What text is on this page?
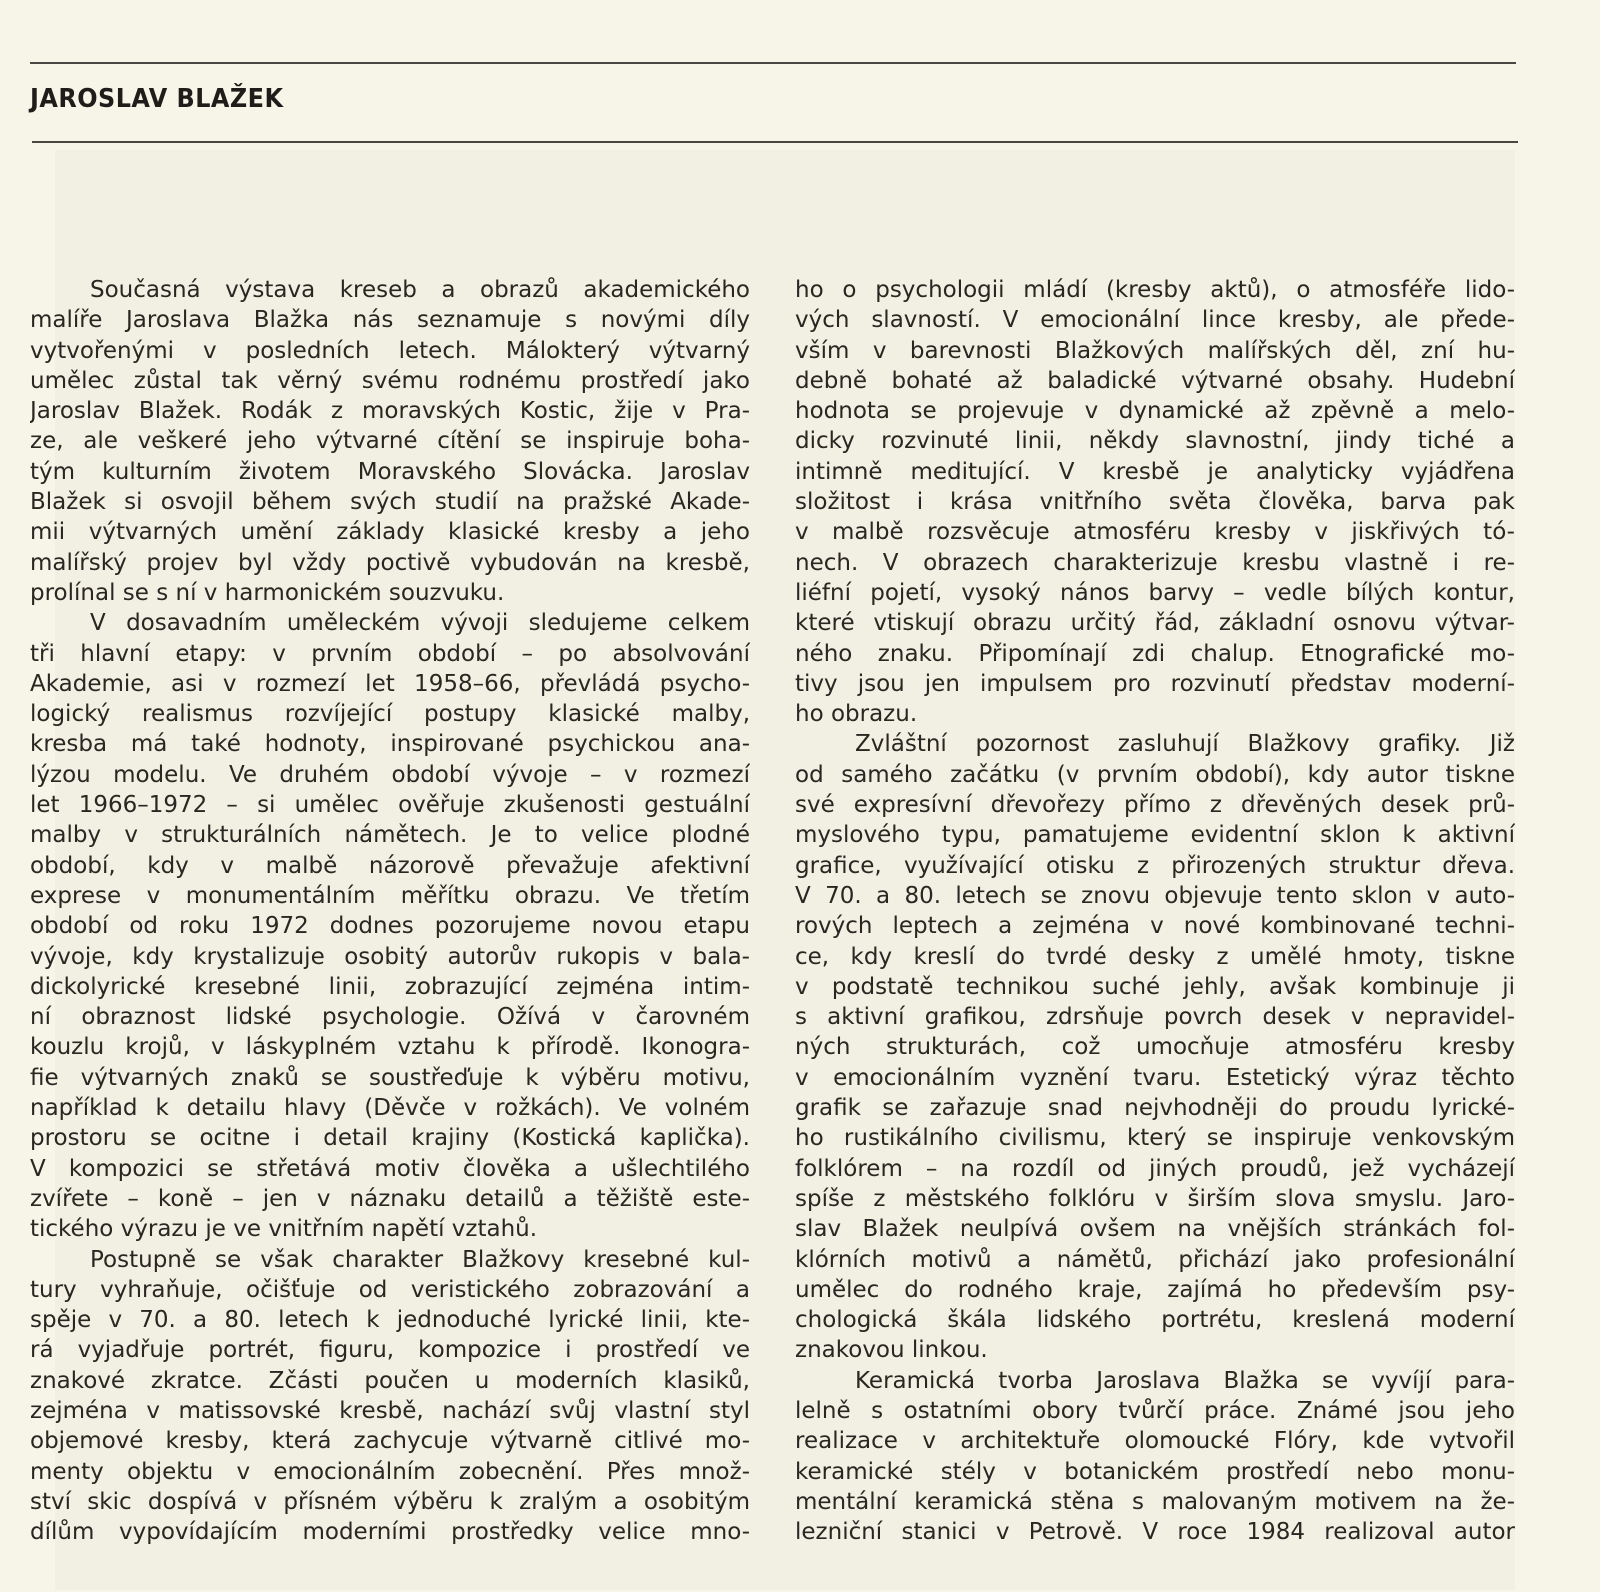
JAROSLAV BLAŽEK
Současná výstava kreseb a obrazů akademického
malíře Jaroslava Blažka nás seznamuje s novými díly
vytvořenými v posledních letech. Málokterý výtvarný
umělec zůstal tak věrný svému rodnému prostředí jako
Jaroslav Blažek. Rodák z moravských Kostic, žije v Pra-
ze, ale veškeré jeho výtvarné cítění se inspiruje boha-
tým kulturním životem Moravského Slovácka. Jaroslav
Blažek si osvojil během svých studií na pražské Akade-
mii výtvarných umění základy klasické kresby a jeho
malířský projev byl vždy poctivě vybudován na kresbě,
prolínal se s ní v harmonickém souzvuku.
V dosavadním uměleckém vývoji sledujeme celkem
tři hlavní etapy: v prvním období – po absolvování
Akademie, asi v rozmezí let 1958–66, převládá psycho-
logický realismus rozvíjející postupy klasické malby,
kresba má také hodnoty, inspirované psychickou ana-
lýzou modelu. Ve druhém období vývoje – v rozmezí
let 1966–1972 – si umělec ověřuje zkušenosti gestuální
malby v strukturálních námětech. Je to velice plodné
období, kdy v malbě názorově převažuje afektivní
exprese v monumentálním měřítku obrazu. Ve třetím
období od roku 1972 dodnes pozorujeme novou etapu
vývoje, kdy krystalizuje osobitý autorův rukopis v bala-
dickolyrické kresebné linii, zobrazující zejména intim-
ní obraznost lidské psychologie. Ožívá v čarovném
kouzlu krojů, v láskyplném vztahu k přírodě. Ikonogra-
fie výtvarných znaků se soustřeďuje k výběru motivu,
například k detailu hlavy (Děvče v rožkách). Ve volném
prostoru se ocitne i detail krajiny (Kostická kaplička).
V kompozici se střetává motiv člověka a ušlechtilého
zvířete – koně – jen v náznaku detailů a těžiště este-
tického výrazu je ve vnitřním napětí vztahů.
Postupně se však charakter Blažkovy kresebné kul-
tury vyhraňuje, očišťuje od veristického zobrazování a
spěje v 70. a 80. letech k jednoduché lyrické linii, kte-
rá vyjadřuje portrét, figuru, kompozice i prostředí ve
znakové zkratce. Zčásti poučen u moderních klasiků,
zejména v matissovské kresbě, nachází svůj vlastní styl
objemové kresby, která zachycuje výtvarně citlivé mo-
menty objektu v emocionálním zobecnění. Přes množ-
ství skic dospívá v přísném výběru k zralým a osobitým
dílům vypovídajícím moderními prostředky velice mno-
ho o psychologii mládí (kresby aktů), o atmosféře lido-
vých slavností. V emocionální lince kresby, ale přede-
vším v barevnosti Blažkových malířských děl, zní hu-
debně bohaté až baladické výtvarné obsahy. Hudební
hodnota se projevuje v dynamické až zpěvně a melo-
dicky rozvinuté linii, někdy slavnostní, jindy tiché a
intimně meditující. V kresbě je analyticky vyjádřena
složitost i krása vnitřního světa člověka, barva pak
v malbě rozsvěcuje atmosféru kresby v jiskřivých tó-
nech. V obrazech charakterizuje kresbu vlastně i re-
liéfní pojetí, vysoký nános barvy – vedle bílých kontur,
které vtiskují obrazu určitý řád, základní osnovu výtvar-
ného znaku. Připomínají zdi chalup. Etnografické mo-
tivy jsou jen impulsem pro rozvinutí představ moderní-
ho obrazu.
Zvláštní pozornost zasluhují Blažkovy grafiky. Již
od samého začátku (v prvním období), kdy autor tiskne
své expresívní dřevořezy přímo z dřevěných desek prů-
myslového typu, pamatujeme evidentní sklon k aktivní
grafice, využívající otisku z přirozených struktur dřeva.
V 70. a 80. letech se znovu objevuje tento sklon v auto-
rových leptech a zejména v nové kombinované techni-
ce, kdy kreslí do tvrdé desky z umělé hmoty, tiskne
v podstatě technikou suché jehly, avšak kombinuje ji
s aktivní grafikou, zdrsňuje povrch desek v nepravidel-
ných strukturách, což umocňuje atmosféru kresby
v emocionálním vyznění tvaru. Estetický výraz těchto
grafik se zařazuje snad nejvhodněji do proudu lyrické-
ho rustikálního civilismu, který se inspiruje venkovským
folklórem – na rozdíl od jiných proudů, jež vycházejí
spíše z městského folklóru v širším slova smyslu. Jaro-
slav Blažek neulpívá ovšem na vnějších stránkách fol-
klórních motivů a námětů, přichází jako profesionální
umělec do rodného kraje, zajímá ho především psy-
chologická škála lidského portrétu, kreslená moderní
znakovou linkou.
Keramická tvorba Jaroslava Blažka se vyvíjí para-
lelně s ostatními obory tvůrčí práce. Známé jsou jeho
realizace v architektuře olomoucké Flóry, kde vytvořil
keramické stély v botanickém prostředí nebo monu-
mentální keramická stěna s malovaným motivem na že-
lezniční stanici v Petrově. V roce 1984 realizoval autor
